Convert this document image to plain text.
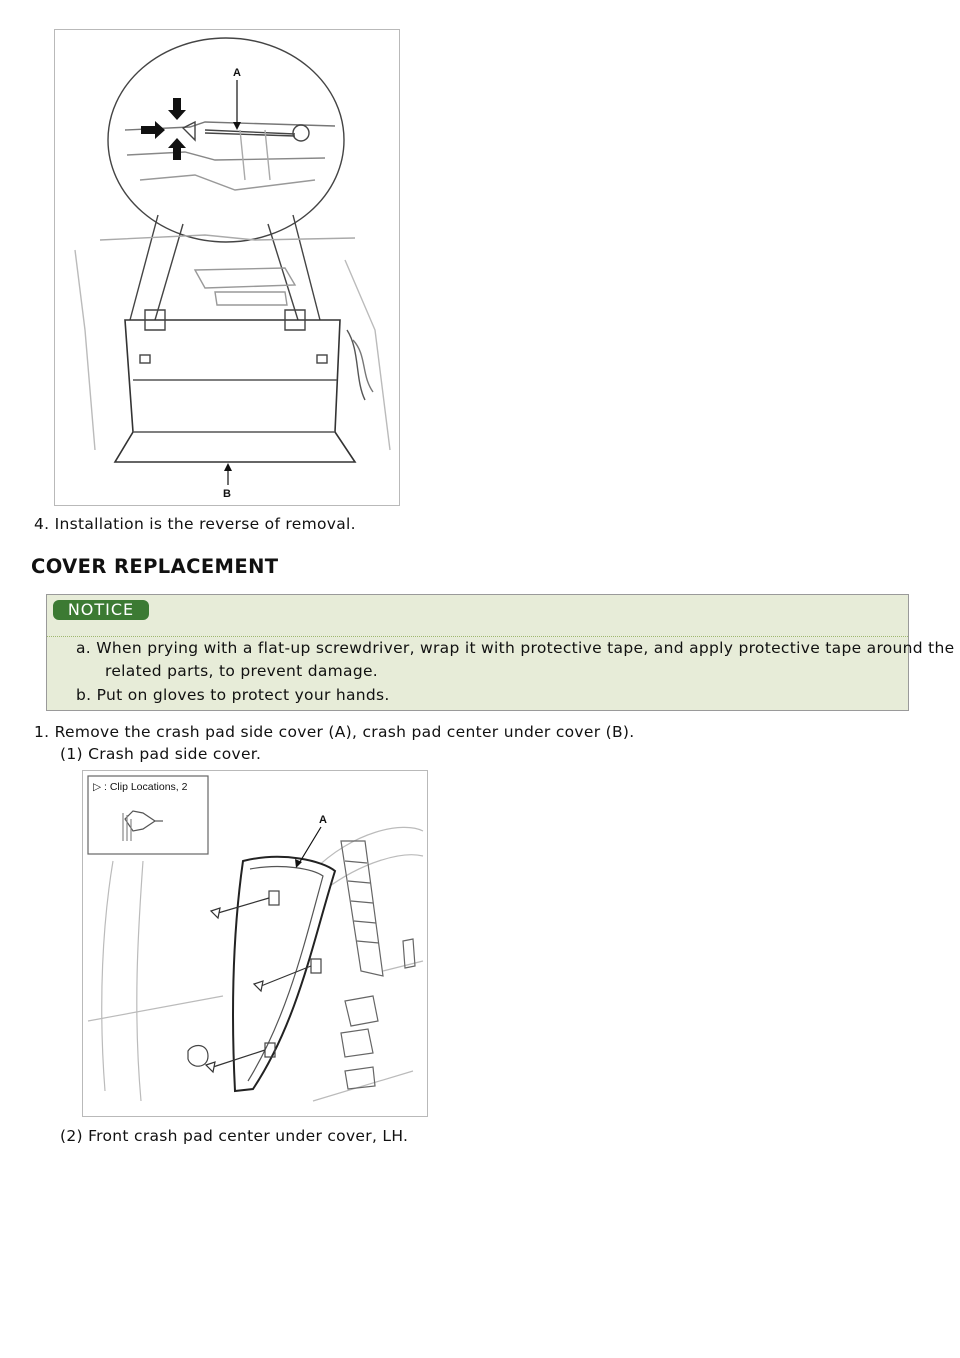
A
B
4. Installation is the reverse of removal.
COVER REPLACEMENT
NOTICE
a. When prying with a flat-up screwdriver, wrap it with protective tape, and apply protective tape around the
related parts, to prevent damage.
b. Put on gloves to protect your hands.
1. Remove the crash pad side cover (A), crash pad center under cover (B).
(1) Crash pad side cover.
▷ : Clip Locations, 2
A
(2) Front crash pad center under cover, LH.
